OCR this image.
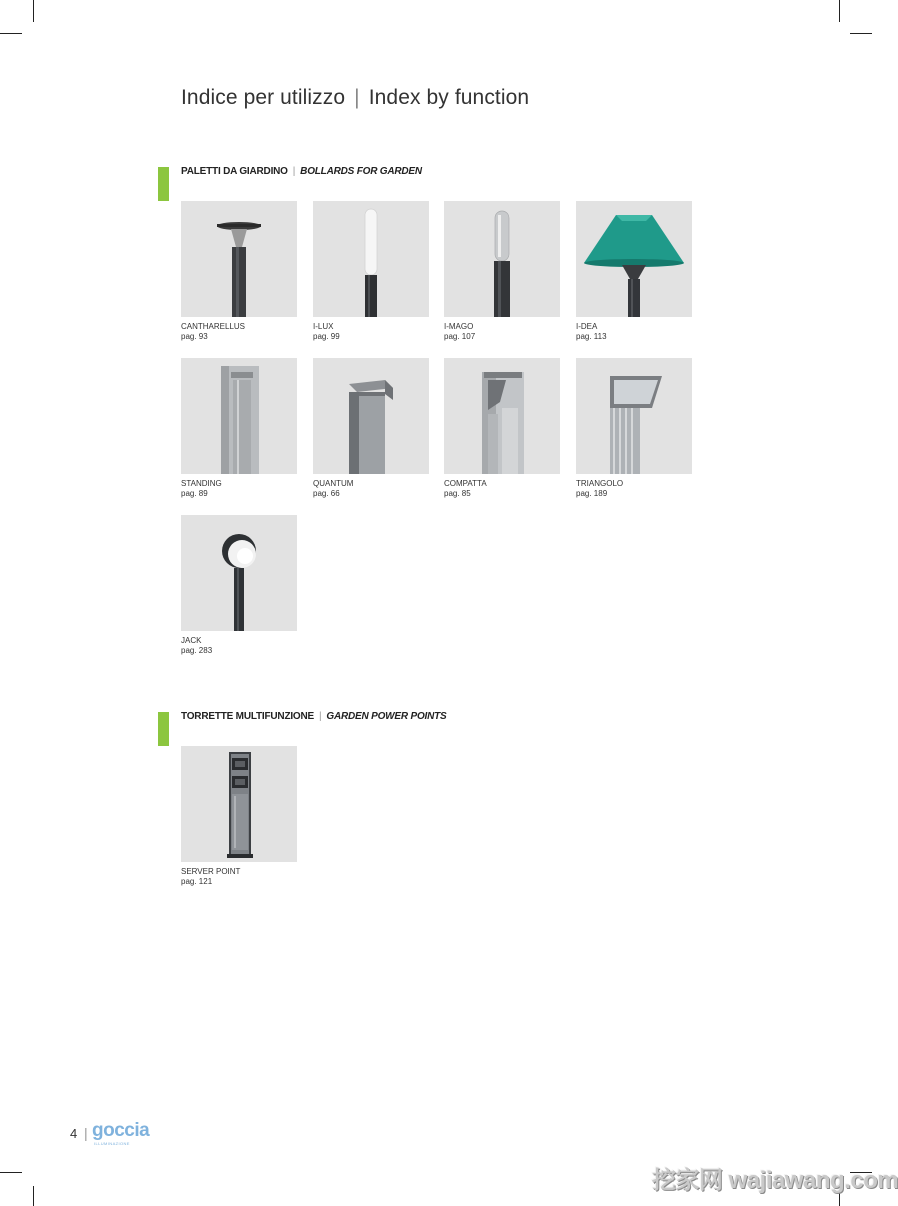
Indice per utilizzo | Index by function
PALETTI DA GIARDINO | BOLLARDS FOR GARDEN
CANTHARELLUS
pag. 93
I-LUX
pag. 99
I-MAGO
pag. 107
I-DEA
pag. 113
STANDING
pag. 89
QUANTUM
pag. 66
COMPATTA
pag. 85
TRIANGOLO
pag. 189
JACK
pag. 283
TORRETTE MULTIFUNZIONE | GARDEN POWER POINTS
SERVER POINT
pag. 121
4 | goccia
ILLUMINAZIONE
挖家网 wajiawang.com
